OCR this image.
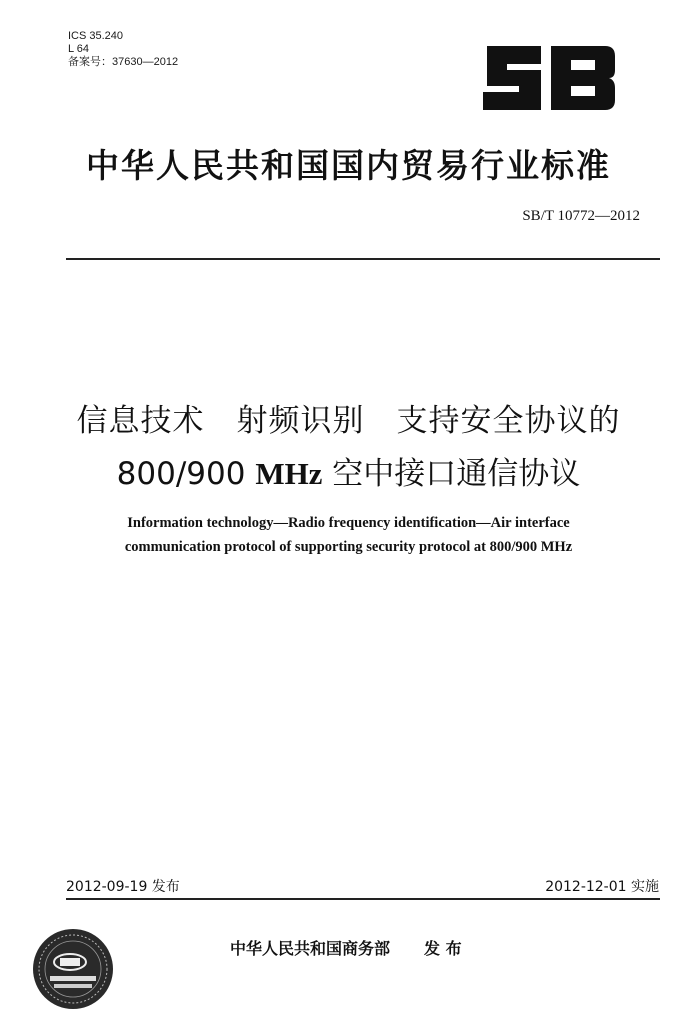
ICS 35.240
L 64
备案号：37630—2012
中华人民共和国国内贸易行业标准
SB/T 10772—2012
信息技术　射频识别　支持安全协议的
800/900 MHz 空中接口通信协议
Information technology—Radio frequency identification—Air interface
communication protocol of supporting security protocol at 800/900 MHz
2012-09-19 发布	2012-12-01 实施
中华人民共和国商务部 发 布
